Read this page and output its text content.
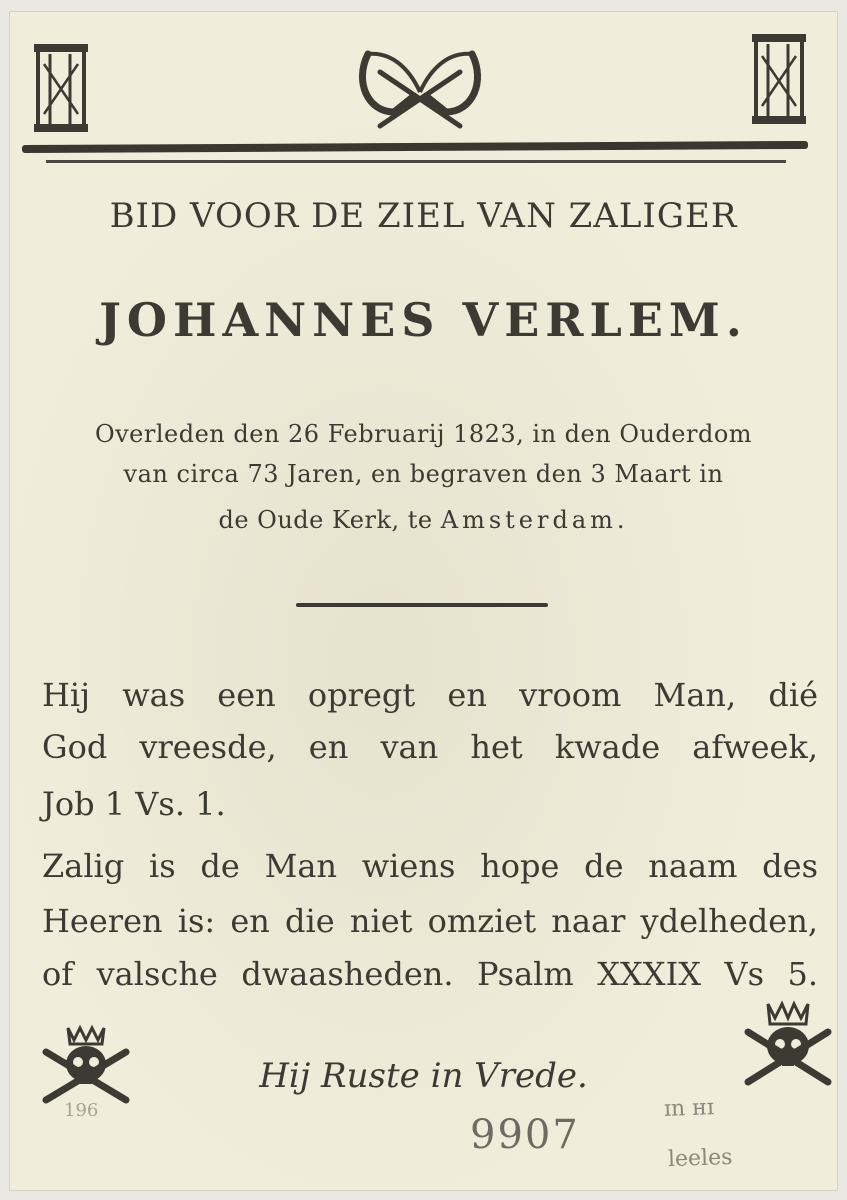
BID VOOR DE ZIEL VAN ZALIGER
JOHANNES VERLEM.
Overleden den 26 Februarij 1823, in den Ouderdom
van circa 73 Jaren, en begraven den 3 Maart in
de Oude Kerk, te Amsterdam.
Hij was een opregt en vroom Man, dié
God vreesde, en van het kwade afweek,
Job 1 Vs. 1.
Zalig is de Man wiens hope de naam des
Heeren is: en die niet omziet naar ydelheden,
of valsche dwaasheden. Psalm XXXIX Vs 5.
Hij Ruste in Vrede.
9907
ɪn ʜɪ
leeles
196
